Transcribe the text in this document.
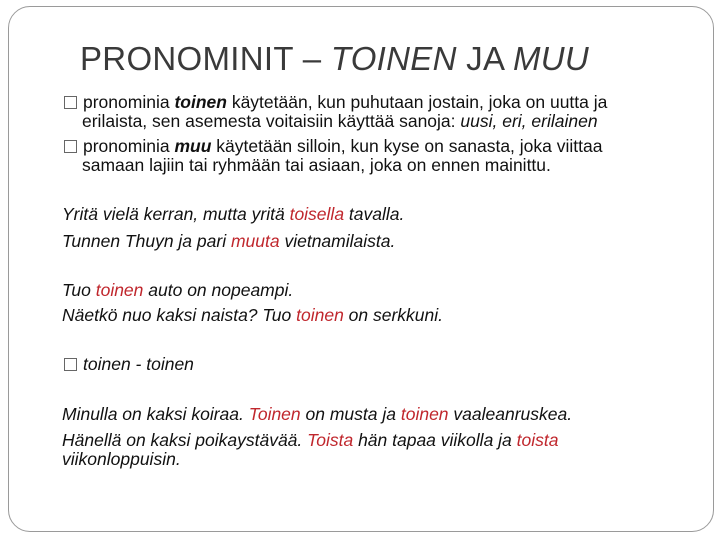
PRONOMINIT – TOINEN JA MUU
pronominia toinen käytetään, kun puhutaan jostain, joka on uutta ja
erilaista, sen asemesta voitaisiin käyttää sanoja: uusi, eri, erilainen
pronominia muu käytetään silloin, kun kyse on sanasta, joka viittaa
samaan lajiin tai ryhmään tai asiaan, joka on ennen mainittu.
Yritä vielä kerran, mutta yritä toisella tavalla.
Tunnen Thuyn ja pari muuta vietnamilaista.
Tuo toinen auto on nopeampi.
Näetkö nuo kaksi naista? Tuo toinen on serkkuni.
toinen - toinen
Minulla on kaksi koiraa. Toinen on musta ja toinen vaaleanruskea.
Hänellä on kaksi poikaystävää. Toista hän tapaa viikolla ja toista
viikonloppuisin.
